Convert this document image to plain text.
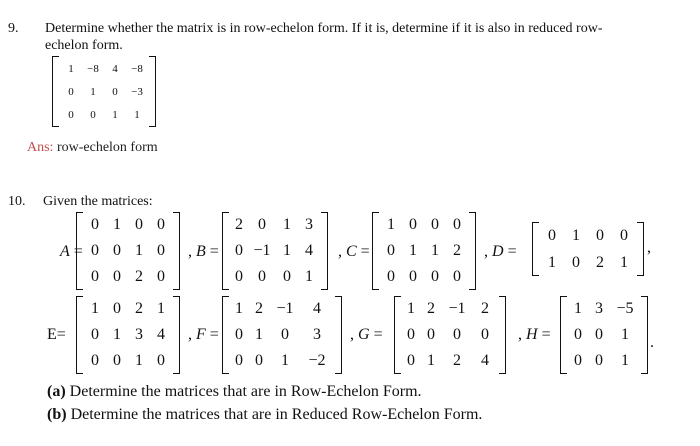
9. Determine whether the matrix is in row-echelon form. If it is, determine if it is also in reduced row-
echelon form.
1	−8	4	−8
0	1	0	−3
0	0	1	1
Ans: row-echelon form
10. Given the matrices:
A =
0 1 0 0
0 0 1 0
0 0 2 0
, B =
2 0	1 3
0 −1 1 4
0 0	0 1
, C =
1 0 0 0
0 1 1 2
0 0 0 0
, D =
0	1	0	0
1	0	2	1
,
E=
1 0 2 1
0 1 3 4
0 0 1 0
, F =
1 2 −1	4
0 1	0	3
0 0	1	−2
, G =
1 2 −1 2
0 0	0	0
0 1	2	4
, H =
1 3 −5
0 0	1
0 0	1
.
(a) Determine the matrices that are in Row-Echelon Form.
(b) Determine the matrices that are in Reduced Row-Echelon Form.
